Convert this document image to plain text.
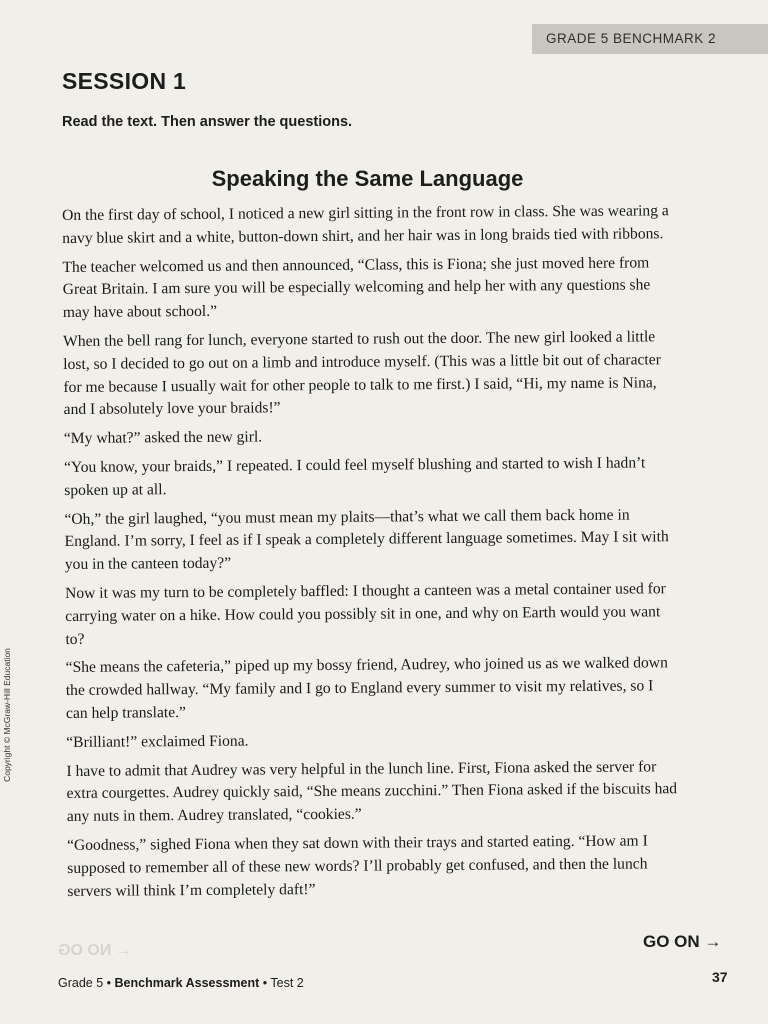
GRADE 5 BENCHMARK 2
SESSION 1
Read the text. Then answer the questions.
Speaking the Same Language

On the first day of school, I noticed a new girl sitting in the front row in class. She was wearing a navy blue skirt and a white, button-down shirt, and her hair was in long braids tied with ribbons.

The teacher welcomed us and then announced, “Class, this is Fiona; she just moved here from Great Britain. I am sure you will be especially welcoming and help her with any questions she may have about school.”

When the bell rang for lunch, everyone started to rush out the door. The new girl looked a little lost, so I decided to go out on a limb and introduce myself. (This was a little bit out of character for me because I usually wait for other people to talk to me first.) I said, “Hi, my name is Nina, and I absolutely love your braids!”

“My what?” asked the new girl.

“You know, your braids,” I repeated. I could feel myself blushing and started to wish I hadn’t spoken up at all.

“Oh,” the girl laughed, “you must mean my plaits—that’s what we call them back home in England. I’m sorry, I feel as if I speak a completely different language sometimes. May I sit with you in the canteen today?”

Now it was my turn to be completely baffled: I thought a canteen was a metal container used for carrying water on a hike. How could you possibly sit in one, and why on Earth would you want to?

“She means the cafeteria,” piped up my bossy friend, Audrey, who joined us as we walked down the crowded hallway. “My family and I go to England every summer to visit my relatives, so I can help translate.”

“Brilliant!” exclaimed Fiona.

I have to admit that Audrey was very helpful in the lunch line. First, Fiona asked the server for extra courgettes. Audrey quickly said, “She means zucchini.” Then Fiona asked if the biscuits had any nuts in them. Audrey translated, “cookies.”

“Goodness,” sighed Fiona when they sat down with their trays and started eating. “How am I supposed to remember all of these new words? I’ll probably get confused, and then the lunch servers will think I’m completely daft!”

Copyright © McGraw-Hill Education
← NO OG	GO ON →
Grade 5 • Benchmark Assessment • Test 2	37
